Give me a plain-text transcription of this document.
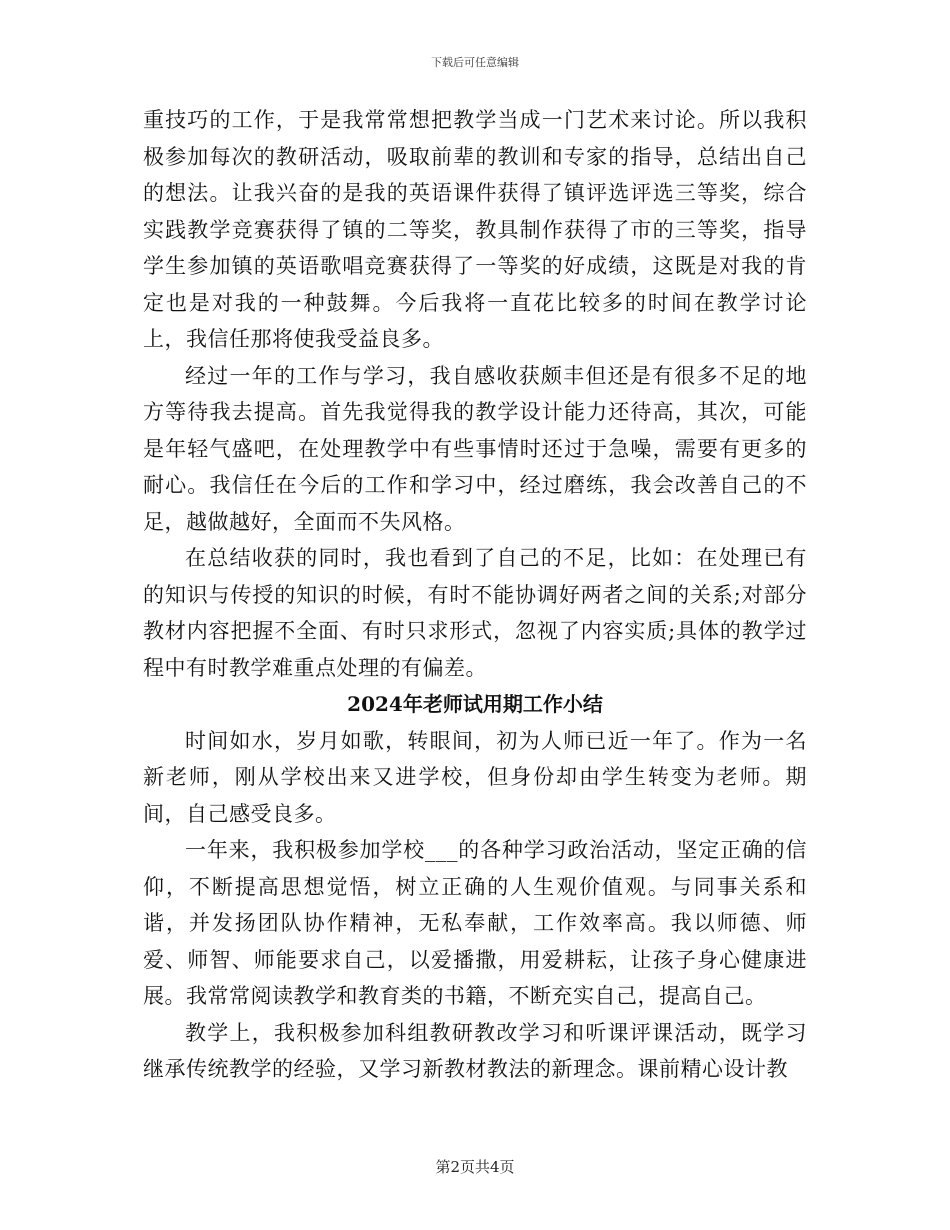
下载后可任意编辑

重技巧的工作，于是我常常想把教学当成一门艺术来讨论。所以我积极参加每次的教研活动，吸取前辈的教训和专家的指导，总结出自己的想法。让我兴奋的是我的英语课件获得了镇评选评选三等奖，综合实践教学竞赛获得了镇的二等奖，教具制作获得了市的三等奖，指导学生参加镇的英语歌唱竞赛获得了一等奖的好成绩，这既是对我的肯定也是对我的一种鼓舞。今后我将一直花比较多的时间在教学讨论上，我信任那将使我受益良多。

经过一年的工作与学习，我自感收获颇丰但还是有很多不足的地方等待我去提高。首先我觉得我的教学设计能力还待高，其次，可能是年轻气盛吧，在处理教学中有些事情时还过于急噪，需要有更多的耐心。我信任在今后的工作和学习中，经过磨练，我会改善自己的不足，越做越好，全面而不失风格。

在总结收获的同时，我也看到了自己的不足，比如：在处理已有的知识与传授的知识的时候，有时不能协调好两者之间的关系;对部分教材内容把握不全面、有时只求形式，忽视了内容实质;具体的教学过程中有时教学难重点处理的有偏差。

2024年老师试用期工作小结

时间如水，岁月如歌，转眼间，初为人师已近一年了。作为一名新老师，刚从学校出来又进学校，但身份却由学生转变为老师。期间，自己感受良多。

一年来，我积极参加学校___的各种学习政治活动，坚定正确的信仰，不断提高思想觉悟，树立正确的人生观价值观。与同事关系和谐，并发扬团队协作精神，无私奉献，工作效率高。我以师德、师爱、师智、师能要求自己，以爱播撒，用爱耕耘，让孩子身心健康进展。我常常阅读教学和教育类的书籍，不断充实自己，提高自己。

教学上，我积极参加科组教研教改学习和听课评课活动，既学习继承传统教学的经验，又学习新教材教法的新理念。课前精心设计教

第2页共4页
